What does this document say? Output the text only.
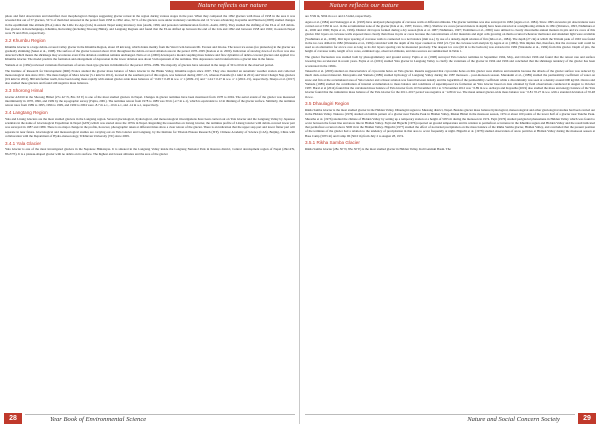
Nature reflects our nature

photo and field observation and identified clear morphological changes suggesting glacier retreat in the region during various stages in the past. When they compared the 1992 glaciers with those of 1958 in the area it was revealed that out of 57 glaciers, 50 % of them had retreated in the period from 1958 to 1992. Also, 50 % of the glaciers were under stationary conditions and 12 % were advancing. Kayastha and Harrison (2008) studied changes in the equilibrium line altitude (ELA) since the Little Ice Age (LIA) in eastern Nepal using inventory data (Asahi, 1999, and personal communication from K. Asahi, 2005). They studied the shifting of the ELA of 118 debris-free glaciers in Kanchenjunga, Khumbu, Rolwaling (including Shorong Himal), and Langtang Regions and found that the ELAs shifted up between the end of the LIA and 1992 and between 1958 and 1992; in eastern Nepal were 79 and 28 m, respectively.

3.2 Khumbu Region

Khumbu Glacier is a large debris-covered valley glacier in the Khumbu Region, about 18 km long, which drains mainly from the West Cwm between Mt. Everest and Lhotse. The lower ice zones (ice pinnacles) in the glacier are gradually shrinking (Sakai et al., 1998). The surface of the glacier lowered about 10 m throughout the debris-covered ablation area in the period 1978–1995 (Kadota et al. 2000). Indication of slowing down of ice flow was also detected which means the shrinkage may accelerate even if the ablation condition remains unchanged. Naito et al. (2000) developed a model coupling mass balance and flow dynamics of debris-covered glaciers and applied it to Khumbu Glacier. The model predicts the formation and enlargement of depression in the lower ablation area about 5 km upstream of the terminus. This depression could transform into a glacial lake in the future.

Yamada et al. (1992) reviewed variations fluctuations of seven clean type glaciers in Khumbu for the period 1970s–1989. The majority of glaciers have retreated in the range of 30 to 60 m in the observed period.

The Institute of Research for Development (IRD) France studied the glacier mass balance of Mera Glacier in the Hinku Valley, Khumbu region since 2007. They also installed an automatic weather station and collected meteorological data since 2011. The mass budget of Mera Glacier (5.1 km2 in 2012), located in the southern part of this region, was balanced during 2007–15, whereas Pokalde (0.1 km2 in 2011) and West Changri Nup glaciers (0.9 km2 in 2010), 800 km further north, have been losing mass rapidly with annual glacier-wide mass balances of −0.69 ± 0.28 m w.e. a−1 (2009–15) and −1.24 ± 0.27 m w.e. a−1 (2010–15), respectively. Sherpa et al. (2017) also studied these glaciers and found still negative mass balances.

3.3 Shorong Himal

Glacier AX010 in the Shorong Himal (27o 42' N, 86o 34' E) is one of the most studied glaciers in Nepal. Changes in glacier terminus have been monitored from 1978 to 2004. The aerial extent of the glacier was measured intermittently in 1978, 1996, and 1999 by the topographic survey (Fujita, 2001). The terminus retreat from 1978 to 1989 was 30 m (-2.7 m a-1), which is equivalent to 12 m thinning of the glacier surface. Similarly, the terminus retreat rates from 1989 to 1995, 1996 to 1999, and 1999 to 2004 were -8.7 m a-1, -10 m a-1, and -14 m a-1, respectively.

3.4 Langtang Region

Yala and Lirung Glaciers are the most studied glaciers in the Langtang region. Several glaciological, hydrological, and meteorological investigations have been carried out on Yala Glacier and the Langtang Valley by Japanese scientists in the name of Glaciological Expedition in Nepal (GEN) which was started since the 1970s in Nepal. Regarding the researches on Lirung Glacier, the terminus profile of Lirung Glacier with debris-covered lower part was surveyed in 1987 and 1989. There is no major change in the profile, however, photographic taken at different times show a clear retreat of the glacier. There is an indication that the upper step part and lower flatter part will separate in near future. Glaciological and meteorological studies are carrying out on Yala Glacier and Langtang, by the Institute for Tibetan Plateau Research (ITP), Chinese Academy of Science (CAS), Beijing, China with collaboration with the Department of Hydro-meteorology, Tribhuvan University (TU) since 2009.

3.4.1 Yala Glacier

Yala Glacier is one of the most investigated glaciers in the Nepalese Himalayas. It is situated in the Langtang Valley inside the Langtang National Park in Rasuwa district, Central development region of Nepal (28o14'N, 85o37'E). It is a plateau-shaped glacier with no debris on its surface. The highest and lowest altitudes and the area of the glacier

28	Year Book of Environmental Science
Nature reflects our nature

are 5749 m, 5094 m a.s.l. and 2.5 km2, respectively.

Ageta et al. (1984) and Steinegger et al. (1993) have analyzed photographs of crevasse walls at different altitudes. The glacier terminus was also surveyed in 1982 (Ageta et al. 1984). Since 1995 excessive pit observations were carried out at 5350 m a.s.l. in the accumulation zone of the glacier (Iida et al., 1987; Uzawa, 1991). Shallow ice cores (several meters in depth) have been extracted at a neighboring altitude in 1991 (Shiraiwa, 1993, Nishimura et al., 2000 and 1996; Fujita et al., 1996). Distinct dirt layers formed during a dry season (Iida et al. 1987; Nishimura, 1997; Yoshimura et al., 2000) were utilized to clearly discernable annual markers in pits and ice cores of this glacier. Dirt layers on crevasse walls exposed more clearly than those in pits or cores because the concentrations of dirt materials and algal cells growing on them occurred wherever meltwater and abundant light were available (Yoshimura et al., 2000). Dirt layer spacing of crevasse walls is connected to a net balance (mm w.e.) by use of a density-depth relation of firn (Iida et al., 1984). The depth (27 cm) at which the Tritium peak of 1963 was found in the ice core drilled in 1982 (Watanabe et al., 1984) coincided with the depth of the layer counted as 1963 (21.7) in the crevasse wall analysis by Ageta et al. (1984). This implies that, therefore, that the crevasse wall could be used as an alternative for an ice core as long as its dirt layers spacing can be measured precisely. The deepest ice core (60 m to the bedrock) was extracted in 1982 (Watanabe et al., 1984) from this glacier. Depth of pits, the height of crevasse walls, length of ice cores, estimated age, observed altitudes, and data sources are summarized in Table 1.

The glacier fluctuation was studied both by photogrammetry and ground survey. Fujita et al. (1998) surveyed Yala Glacier terminus in September 1994, May, and October 1996 and found that the retreat rate and surface lowering has accelerated in recent years. Fujita et al. (2001) studied Yala glacier in Langtang Valley to clarify the variations of the glacier in 1994 and 1996 and concluded that the shrinkage tendency of the glacier has been accelerated in the 1990s.

Takeuchi et al. (2000) studied on characteristics of cryoconite holes on Yala glacier. Results suggested that cryoconite holes on this glacier were shallow and unstable because the albedo of the glacier surface was reduced by much dark-colored material. Motoyama and Yamada (1989) studied hydrology of Langtang Valley during the 1987 monsoon – post-monsoon season. Murakami et al., (1989) studied the permeability coefficient of water on snow and firn at the accumulated area of Yala Glacier and a linear relation was found between density and the logarithm of the permeability coefficient while a discontinuity was seen at a density around 600 kg/m3. Ozawa and Yamada (1989) studied the contribution of internal accumulation to mass balance and conditions of superimposed ice formation on Yala Glacier based on data obtained by field observations conducted in August to October 1987. Baral et al (2014) found that the calculated mass balance of Yala Glacier from 10 November 2011 to 3 November 2012 was −0.89 m w.e. Acharya and Kayastha (2019) also studied the mass and energy balance of the Yala Glacier found that the cumulative mass balance of the Yala Glacier for the 2011–2017 period was negative at −4.80 m w.e. The mean annual glacier-wide mass balance was −0.81 ±0.27 m w.e. with a standard deviation of ±0.48 m w.e.

3.5 Dhaulagiri Region

Rikha Samba Glacier is the most studied glacier in the Hidden Valley, Dhaulagiri region to Mustang district, Nepal. Besides glacier mass balance hydrological, meteorological and other glaciological studies had been carried out in the Hidden Valley. Nakawo (1976) studied on bubble pattern of a glacier near Tukche Peak in Hidden Valley, Mukut Himal in the monsoon season, 1974 at about 100 points of the lower half of a glacier near Tukche Peak. Shrestha et al. (1976) studied the climate of Hidden Valley by setting up a temporary station at a height of 5055 m during the monsoon in 1974. Fujii (1976) studied periglacial phenomena in Hidden Valley which was found to occur between the forest line and snow line in Hidden Valley. Fujii and Higuchi (1976) reported on ground temperature and its relation to permafrost occurrence in the Khumbu region and Hidden Valley and the result indicated that permafrost occurred above 5000 m in the Hidden Valley. Higuchi (1977) studied the effect of nocturnal precipitation on the mass balance of the Rikha Samba glacier, Hidden Valley, and concluded that the present position of the terminus of the glacier had a relation to the tendency of precipitation in that area to occur frequently at night. Higuchi et al. (1978) studied observation of snow particles at Hidden Valley during the monsoon season at Base Camp (5055 m) and Camp III (5610 m) from July 2 to August 28, 1974.

3.5.1 Rikha Samba Glacier

Rikha Samba Glacier (28o 50' N, 83o 30' E) is the most studied glacier in Hidden Valley, Kali Gandaki Basin. The

29
Nature and Social Concern Society
